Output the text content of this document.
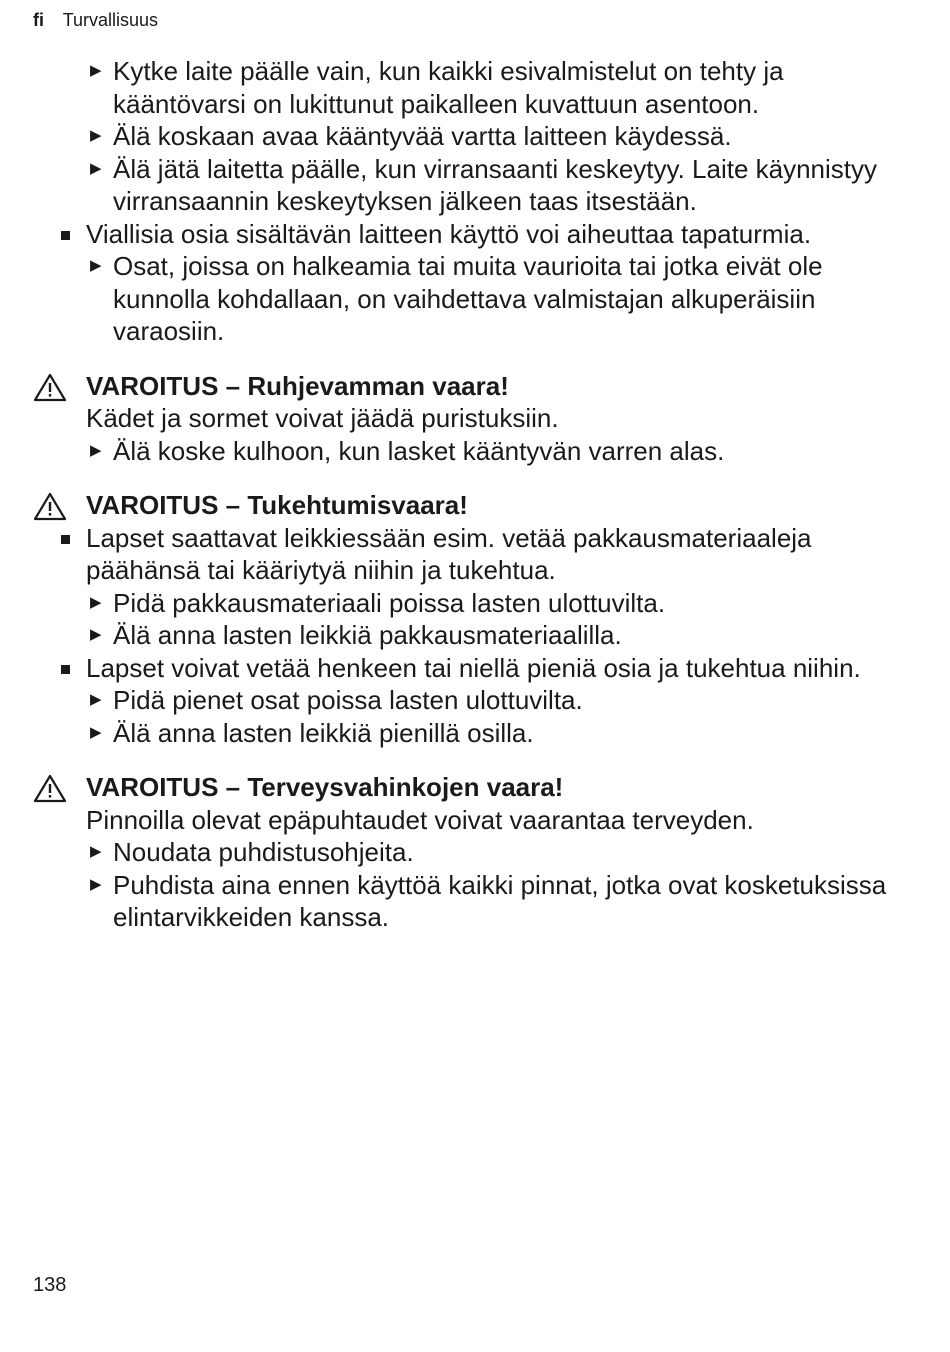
fi Turvallisuus
▶ Kytke laite päälle vain, kun kaikki esivalmistelut on tehty ja kääntövarsi on lukittunut paikalleen kuvattuun asentoon.
▶ Älä koskaan avaa kääntyvää vartta laitteen käydessä.
▶ Älä jätä laitetta päälle, kun virransaanti keskeytyy. Laite käynnistyy virransaannin keskeytyksen jälkeen taas itsestään.
Viallisia osia sisältävän laitteen käyttö voi aiheuttaa tapaturmia.
▶ Osat, joissa on halkeamia tai muita vaurioita tai jotka eivät ole kunnolla kohdallaan, on vaihdettava valmistajan alkuperäisiin varaosiin.
VAROITUS – Ruhjevamman vaara!
Kädet ja sormet voivat jäädä puristuksiin.
▶ Älä koske kulhoon, kun lasket kääntyvän varren alas.
VAROITUS – Tukehtumisvaara!
Lapset saattavat leikkiessään esim. vetää pakkausmateriaaleja päähänsä tai kääriytyä niihin ja tukehtua.
▶ Pidä pakkausmateriaali poissa lasten ulottuvilta.
▶ Älä anna lasten leikkiä pakkausmateriaalilla.
Lapset voivat vetää henkeen tai niellä pieniä osia ja tukehtua niihin.
▶ Pidä pienet osat poissa lasten ulottuvilta.
▶ Älä anna lasten leikkiä pienillä osilla.
VAROITUS – Terveysvahinkojen vaara!
Pinnoilla olevat epäpuhtaudet voivat vaarantaa terveyden.
▶ Noudata puhdistusohjeita.
▶ Puhdista aina ennen käyttöä kaikki pinnat, jotka ovat kosketuksissa elintarvikkeiden kanssa.
138
